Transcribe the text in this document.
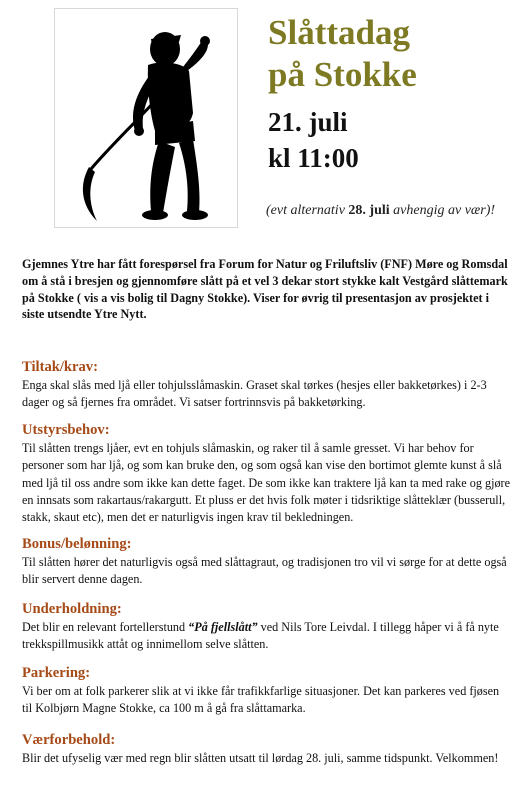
Slåttadag
på Stokke
21. juli
kl 11:00
(evt alternativ 28. juli avhengig av vær)!
Gjemnes Ytre har fått forespørsel fra Forum for Natur og Friluftsliv (FNF) Møre og Romsdal om å stå i bresjen og gjennomføre slått på et vel 3 dekar stort stykke kalt Vestgård slåttemark på Stokke ( vis a vis bolig til Dagny Stokke). Viser for øvrig til presentasjon av prosjektet i siste utsendte Ytre Nytt.
Tiltak/krav:

Enga skal slås med ljå eller tohjulsslåmaskin. Graset skal tørkes (hesjes eller bakketørkes) i 2-3 dager og så fjernes fra området. Vi satser fortrinnsvis på bakketørking.

Utstyrsbehov:

Til slåtten trengs ljåer, evt en tohjuls slåmaskin, og raker til å samle gresset. Vi har behov for personer som har ljå, og som kan bruke den, og som også kan vise den bortimot glemte kunst å slå med ljå til oss andre som ikke kan dette faget. De som ikke kan traktere ljå kan ta med rake og gjøre en innsats som rakartaus/rakargutt. Et pluss er det hvis folk møter i tidsriktige slåtteklær (busserull, stakk, skaut etc), men det er naturligvis ingen krav til bekledningen.

Bonus/belønning:

Til slåtten hører det naturligvis også med slåttagraut, og tradisjonen tro vil vi sørge for at dette også blir servert denne dagen.

Underholdning:

Det blir en relevant fortellerstund “På fjellslått” ved Nils Tore Leivdal. I tillegg håper vi å få nyte trekkspillmusikk attåt og innimellom selve slåtten.

Parkering:

Vi ber om at folk parkerer slik at vi ikke får trafikkfarlige situasjoner. Det kan parkeres ved fjøsen til Kolbjørn Magne Stokke, ca 100 m å gå fra slåttamarka.

Værforbehold:

Blir det ufyselig vær med regn blir slåtten utsatt til lørdag 28. juli, samme tidspunkt. Velkommen!
